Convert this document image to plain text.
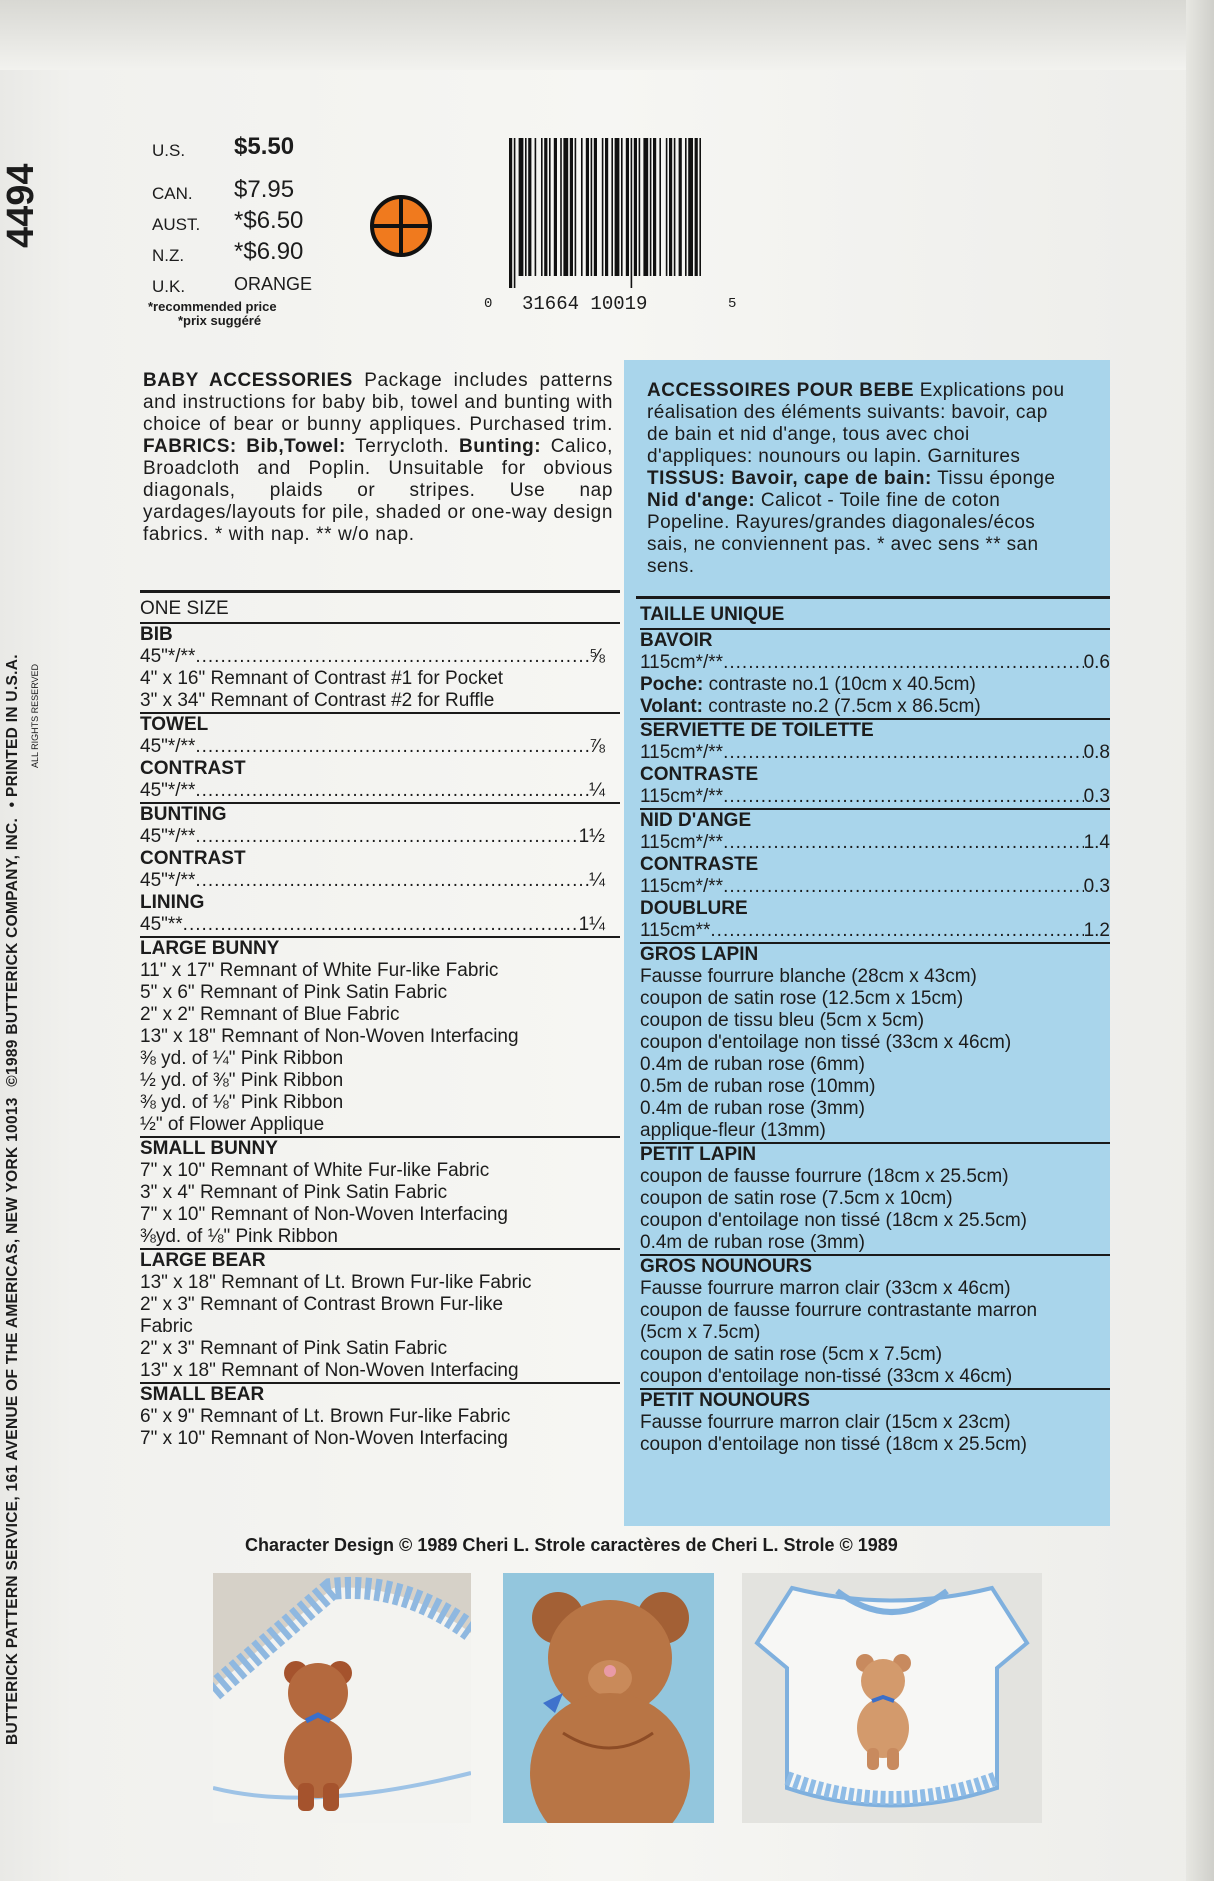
4494
BUTTERICK PATTERN SERVICE, 161 AVENUE OF THE AMERICAS, NEW YORK 10013 ©1989 BUTTERICK COMPANY, INC. • PRINTED IN U.S.A. ALL RIGHTS RESERVED
U.S. $5.50
CAN. $7.95
AUST. *$6.50
N.Z. *$6.90
U.K.	ORANGE
*recommended price
*prix suggéré
0 31664 10019	5
BABY ACCESSORIES Package includes patterns and instructions for baby bib, towel and bunting with choice of bear or bunny appliques. Purchased trim. FABRICS: Bib,Towel: Terrycloth. Bunting: Calico, Broadcloth and Poplin. Unsuitable for obvious diagonals, plaids or stripes. Use nap yardages/layouts for pile, shaded or one-way design fabrics. * with nap. ** w/o nap.
ACCESSOIRES POUR BEBE Explications pou
réalisation des éléments suivants: bavoir, cap
de bain et nid d'ange, tous avec choi
d'appliques: nounours ou lapin. Garnitures
TISSUS: Bavoir, cape de bain: Tissu éponge
Nid d'ange: Calicot - Toile fine de coton
Popeline. Rayures/grandes diagonales/écos
sais, ne conviennent pas. * avec sens ** san
sens.
ONE SIZE
BIB
45"*/** .....	⅝
4" x 16" Remnant of Contrast #1 for Pocket
3" x 34" Remnant of Contrast #2 for Ruffle
TOWEL
45"*/** .....	⅞
CONTRAST
45"*/** .....	¼
BUNTING
45"*/** .....	1½
CONTRAST
45"*/** .....	¼
LINING
45"** .....	1¼
LARGE BUNNY
11" x 17" Remnant of White Fur-like Fabric
5" x 6" Remnant of Pink Satin Fabric
2" x 2" Remnant of Blue Fabric
13" x 18" Remnant of Non-Woven Interfacing
⅜ yd. of ¼" Pink Ribbon
½ yd. of ⅜" Pink Ribbon
⅜ yd. of ⅛" Pink Ribbon
½" of Flower Applique
SMALL BUNNY
7" x 10" Remnant of White Fur-like Fabric
3" x 4" Remnant of Pink Satin Fabric
7" x 10" Remnant of Non-Woven Interfacing
⅜yd. of ⅛" Pink Ribbon
LARGE BEAR
13" x 18" Remnant of Lt. Brown Fur-like Fabric
2" x 3" Remnant of Contrast Brown Fur-like
Fabric
2" x 3" Remnant of Pink Satin Fabric
13" x 18" Remnant of Non-Woven Interfacing
SMALL BEAR
6" x 9" Remnant of Lt. Brown Fur-like Fabric
7" x 10" Remnant of Non-Woven Interfacing
TAILLE UNIQUE
BAVOIR
115cm*/** .....	0.6
Poche: contraste no.1 (10cm x 40.5cm)
Volant: contraste no.2 (7.5cm x 86.5cm)
SERVIETTE DE TOILETTE
115cm*/** .....	0.8
CONTRASTE
115cm*/** .....	0.3
NID D'ANGE
115cm*/** .....	1.4
CONTRASTE
115cm*/** .....	0.3
DOUBLURE
115cm** .....	1.2
GROS LAPIN
Fausse fourrure blanche (28cm x 43cm)
coupon de satin rose (12.5cm x 15cm)
coupon de tissu bleu (5cm x 5cm)
coupon d'entoilage non tissé (33cm x 46cm)
0.4m de ruban rose (6mm)
0.5m de ruban rose (10mm)
0.4m de ruban rose (3mm)
applique-fleur (13mm)
PETIT LAPIN
coupon de fausse fourrure (18cm x 25.5cm)
coupon de satin rose (7.5cm x 10cm)
coupon d'entoilage non tissé (18cm x 25.5cm)
0.4m de ruban rose (3mm)
GROS NOUNOURS
Fausse fourrure marron clair (33cm x 46cm)
coupon de fausse fourrure contrastante marron
(5cm x 7.5cm)
coupon de satin rose (5cm x 7.5cm)
coupon d'entoilage non-tissé (33cm x 46cm)
PETIT NOUNOURS
Fausse fourrure marron clair (15cm x 23cm)
coupon d'entoilage non tissé (18cm x 25.5cm)
Character Design © 1989 Cheri L. Strole caractères de Cheri L. Strole © 1989
